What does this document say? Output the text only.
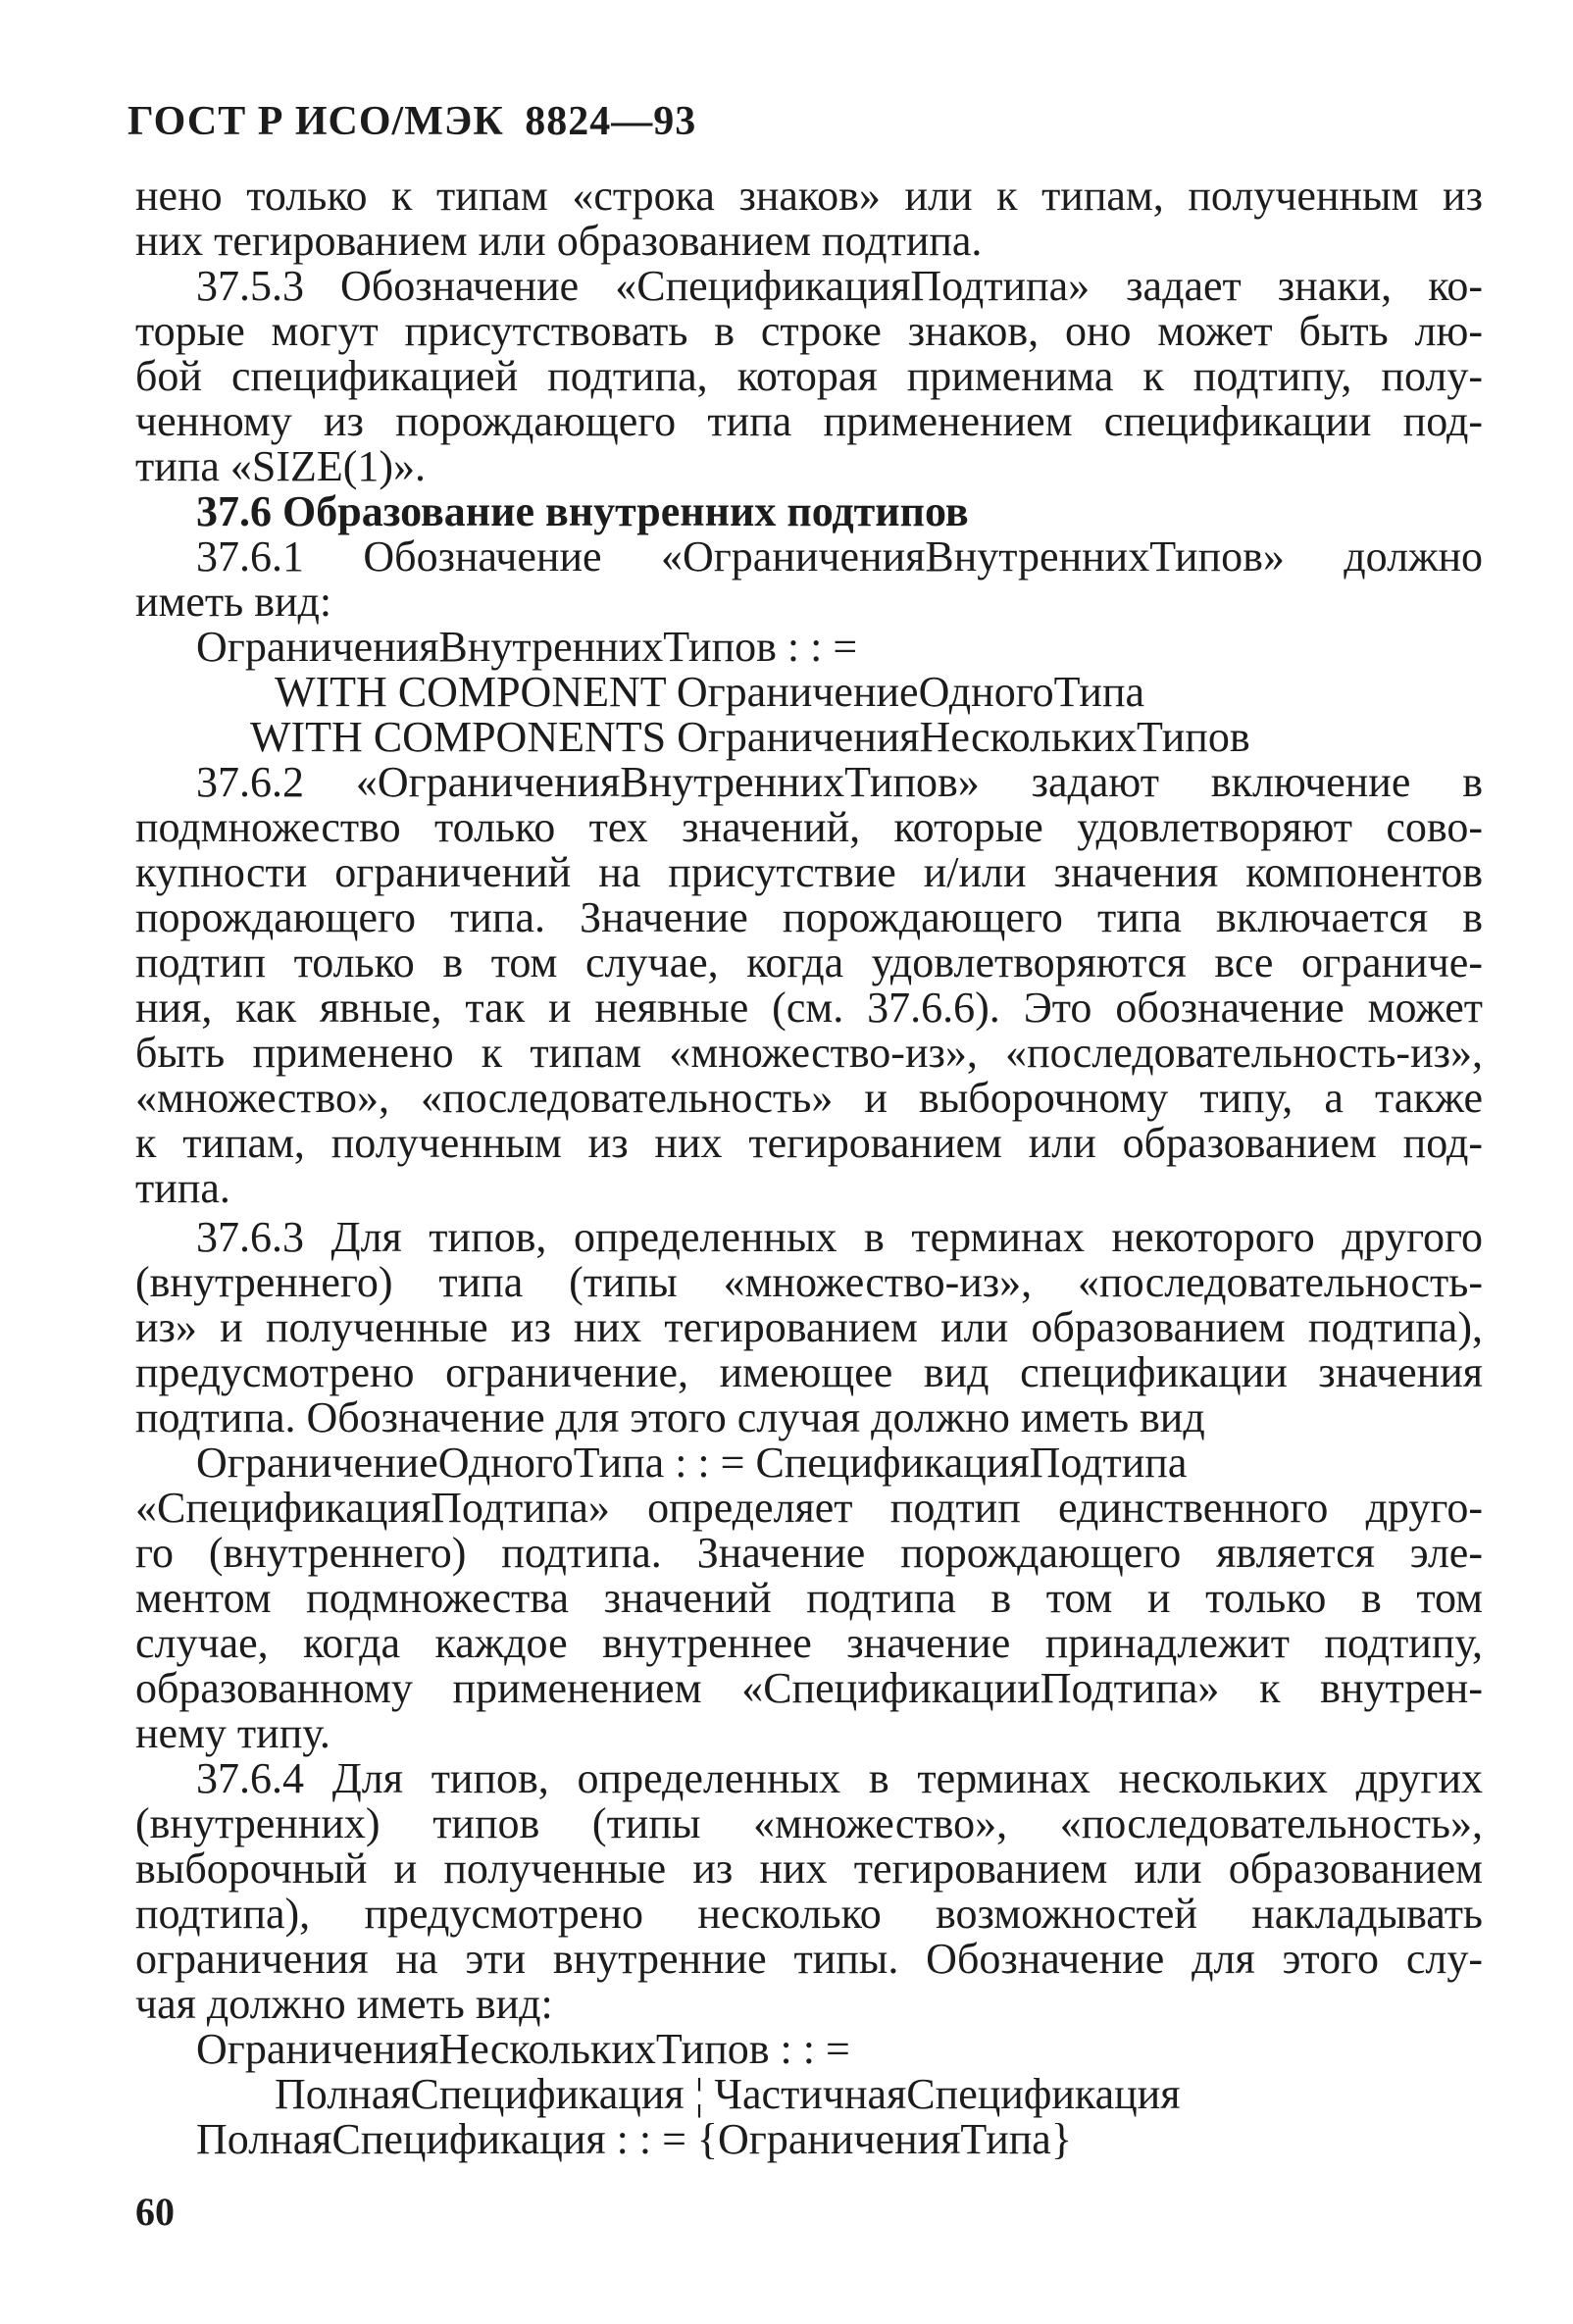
ГОСТ Р ИСО/МЭК 8824—93
нено только к типам «строка знаков» или к типам, полученным из
них тегированием или образованием подтипа.
37.5.3 Обозначение «СпецификацияПодтипа» задает знаки, ко-
торые могут присутствовать в строке знаков, оно может быть лю-
бой спецификацией подтипа, которая применима к подтипу, полу-
ченному из порождающего типа применением спецификации под-
типа «SIZE(1)».
37.6 Образование внутренних подтипов
37.6.1 Обозначение «ОграниченияВнутреннихТипов» должно
иметь вид:
ОграниченияВнутреннихТипов : : =
WITH COMPONENT ОграничениеОдногоТипа
WITH COMPONENTS ОграниченияНесколькихТипов
37.6.2 «ОграниченияВнутреннихТипов» задают включение в
подмножество только тех значений, которые удовлетворяют сово-
купности ограничений на присутствие и/или значения компонентов
порождающего типа. Значение порождающего типа включается в
подтип только в том случае, когда удовлетворяются все ограниче-
ния, как явные, так и неявные (см. 37.6.6). Это обозначение может
быть применено к типам «множество-из», «последовательность-из»,
«множество», «последовательность» и выборочному типу, а также
к типам, полученным из них тегированием или образованием под-
типа.
37.6.3 Для типов, определенных в терминах некоторого другого
(внутреннего) типа (типы «множество-из», «последовательность-
из» и полученные из них тегированием или образованием подтипа),
предусмотрено ограничение, имеющее вид спецификации значения
подтипа. Обозначение для этого случая должно иметь вид
ОграничениеОдногоТипа : : = СпецификацияПодтипа
«СпецификацияПодтипа» определяет подтип единственного друго-
го (внутреннего) подтипа. Значение порождающего является эле-
ментом подмножества значений подтипа в том и только в том
случае, когда каждое внутреннее значение принадлежит подтипу,
образованному применением «СпецификацииПодтипа» к внутрен-
нему типу.
37.6.4 Для типов, определенных в терминах нескольких других
(внутренних) типов (типы «множество», «последовательность»,
выборочный и полученные из них тегированием или образованием
подтипа), предусмотрено несколько возможностей накладывать
ограничения на эти внутренние типы. Обозначение для этого слу-
чая должно иметь вид:
ОграниченияНесколькихТипов : : =
ПолнаяСпецификация ¦ ЧастичнаяСпецификация
ПолнаяСпецификация : : = {ОграниченияТипа}
60
